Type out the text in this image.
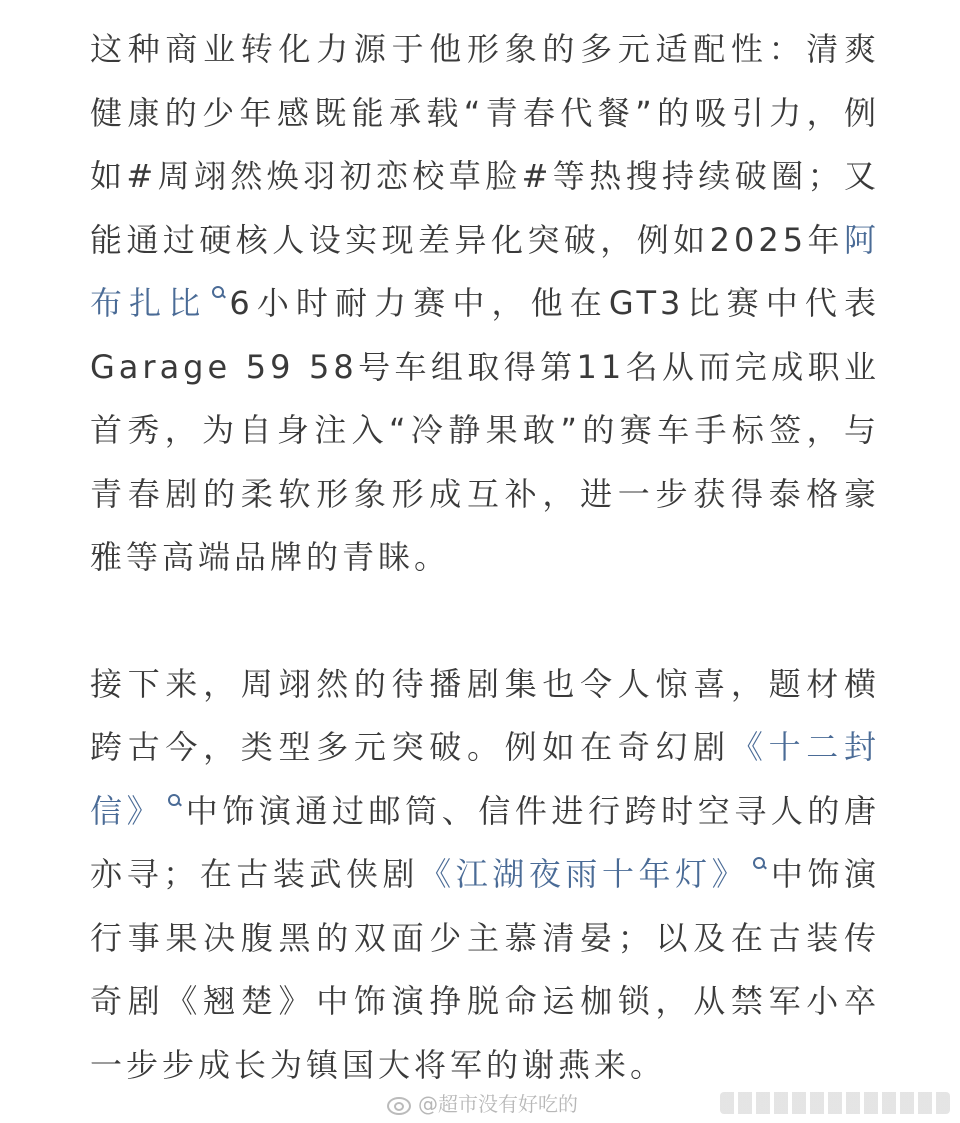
这种商业转化力源于他形象的多元适配性：清爽
健康的少年感既能承载“青春代餐”的吸引力，例
如#周翊然焕羽初恋校草脸#等热搜持续破圈；又
能通过硬核人设实现差异化突破，例如2025年阿
布扎比 6小时耐力赛中，他在GT3比赛中代表
Garage 59 58号车组取得第11名从而完成职业
首秀，为自身注入“冷静果敢”的赛车手标签，与
青春剧的柔软形象形成互补，进一步获得泰格豪
雅等高端品牌的青睐。
接下来，周翊然的待播剧集也令人惊喜，题材横
跨古今，类型多元突破。例如在奇幻剧《十二封
信》 中饰演通过邮筒、信件进行跨时空寻人的唐
亦寻；在古装武侠剧《江湖夜雨十年灯》 中饰演
行事果决腹黑的双面少主慕清晏；以及在古装传
奇剧《翘楚》中饰演挣脱命运枷锁，从禁军小卒
一步步成长为镇国大将军的谢燕来。
@超市没有好吃的
